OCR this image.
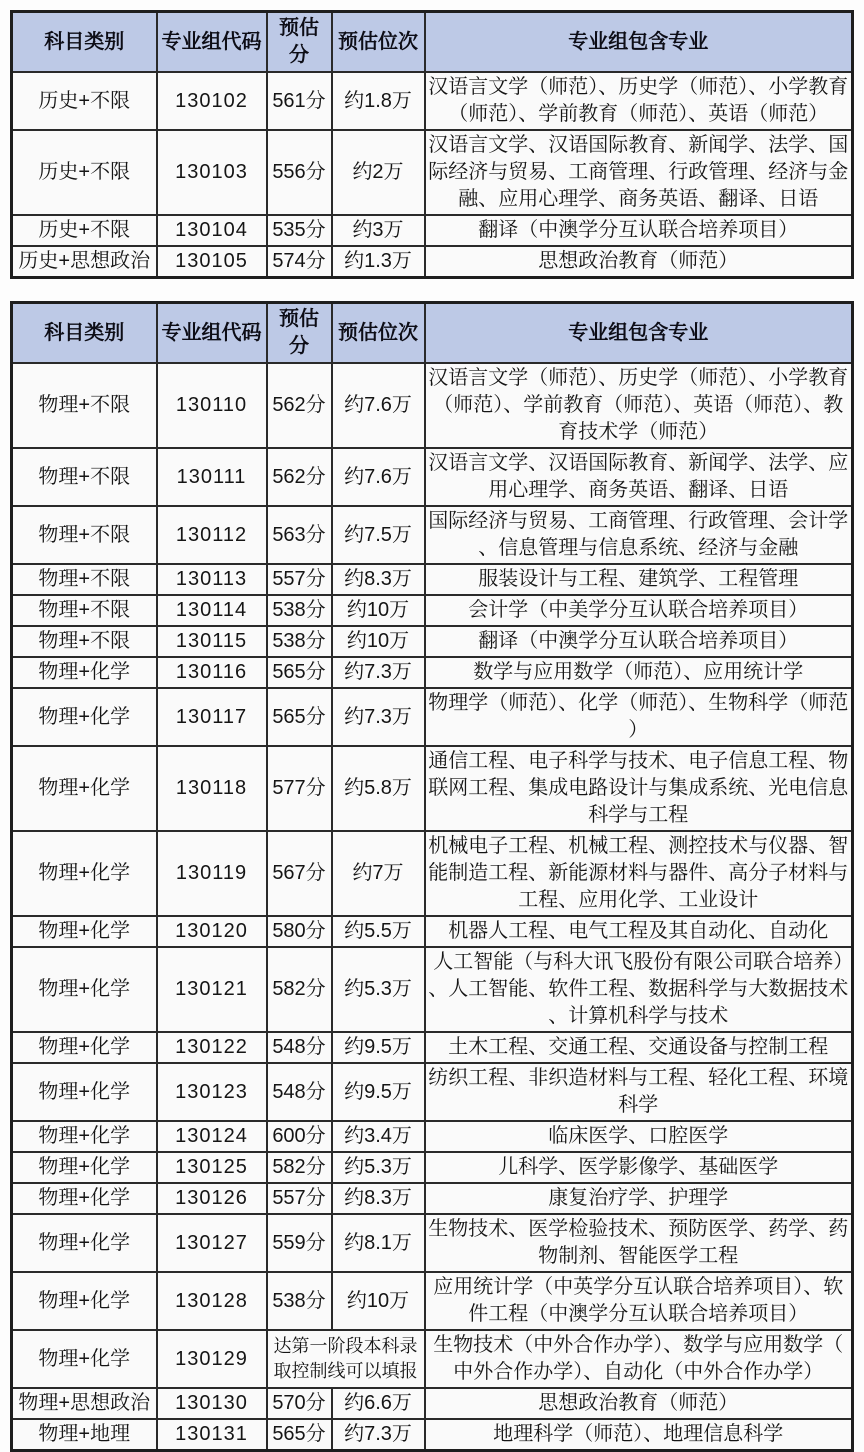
科目类别	专业组代码	预估分	预估位次	专业组包含专业
历史+不限	130102	561分	约1.8万	汉语言文学（师范）、历史学（师范）、小学教育（师范）、学前教育（师范）、英语（师范）
历史+不限	130103	556分	约2万	汉语言文学、汉语国际教育、新闻学、法学、国际经济与贸易、工商管理、行政管理、经济与金融、应用心理学、商务英语、翻译、日语
历史+不限	130104	535分	约3万	翻译（中澳学分互认联合培养项目）
历史+思想政治	130105	574分	约1.3万	思想政治教育（师范）
科目类别	专业组代码	预估分	预估位次	专业组包含专业
物理+不限	130110	562分	约7.6万	汉语言文学（师范）、历史学（师范）、小学教育（师范）、学前教育（师范）、英语（师范）、教育技术学（师范）
物理+不限	130111	562分	约7.6万	汉语言文学、汉语国际教育、新闻学、法学、应用心理学、商务英语、翻译、日语
物理+不限	130112	563分	约7.5万	国际经济与贸易、工商管理、行政管理、会计学、信息管理与信息系统、经济与金融
物理+不限	130113	557分	约8.3万	服装设计与工程、建筑学、工程管理
物理+不限	130114	538分	约10万	会计学（中美学分互认联合培养项目）
物理+不限	130115	538分	约10万	翻译（中澳学分互认联合培养项目）
物理+化学	130116	565分	约7.3万	数学与应用数学（师范）、应用统计学
物理+化学	130117	565分	约7.3万	物理学（师范）、化学（师范）、生物科学（师范）
物理+化学	130118	577分	约5.8万	通信工程、电子科学与技术、电子信息工程、物联网工程、集成电路设计与集成系统、光电信息科学与工程
物理+化学	130119	567分	约7万	机械电子工程、机械工程、测控技术与仪器、智能制造工程、新能源材料与器件、高分子材料与工程、应用化学、工业设计
物理+化学	130120	580分	约5.5万	机器人工程、电气工程及其自动化、自动化
物理+化学	130121	582分	约5.3万	人工智能（与科大讯飞股份有限公司联合培养）、人工智能、软件工程、数据科学与大数据技术、计算机科学与技术
物理+化学	130122	548分	约9.5万	土木工程、交通工程、交通设备与控制工程
物理+化学	130123	548分	约9.5万	纺织工程、非织造材料与工程、轻化工程、环境科学
物理+化学	130124	600分	约3.4万	临床医学、口腔医学
物理+化学	130125	582分	约5.3万	儿科学、医学影像学、基础医学
物理+化学	130126	557分	约8.3万	康复治疗学、护理学
物理+化学	130127	559分	约8.1万	生物技术、医学检验技术、预防医学、药学、药物制剂、智能医学工程
物理+化学	130128	538分	约10万	应用统计学（中英学分互认联合培养项目）、软件工程（中澳学分互认联合培养项目）
物理+化学	130129	达第一阶段本科录取控制线可以填报		生物技术（中外合作办学）、数学与应用数学（中外合作办学）、自动化（中外合作办学）
物理+思想政治	130130	570分	约6.6万	思想政治教育（师范）
物理+地理	130131	565分	约7.3万	地理科学（师范）、地理信息科学
